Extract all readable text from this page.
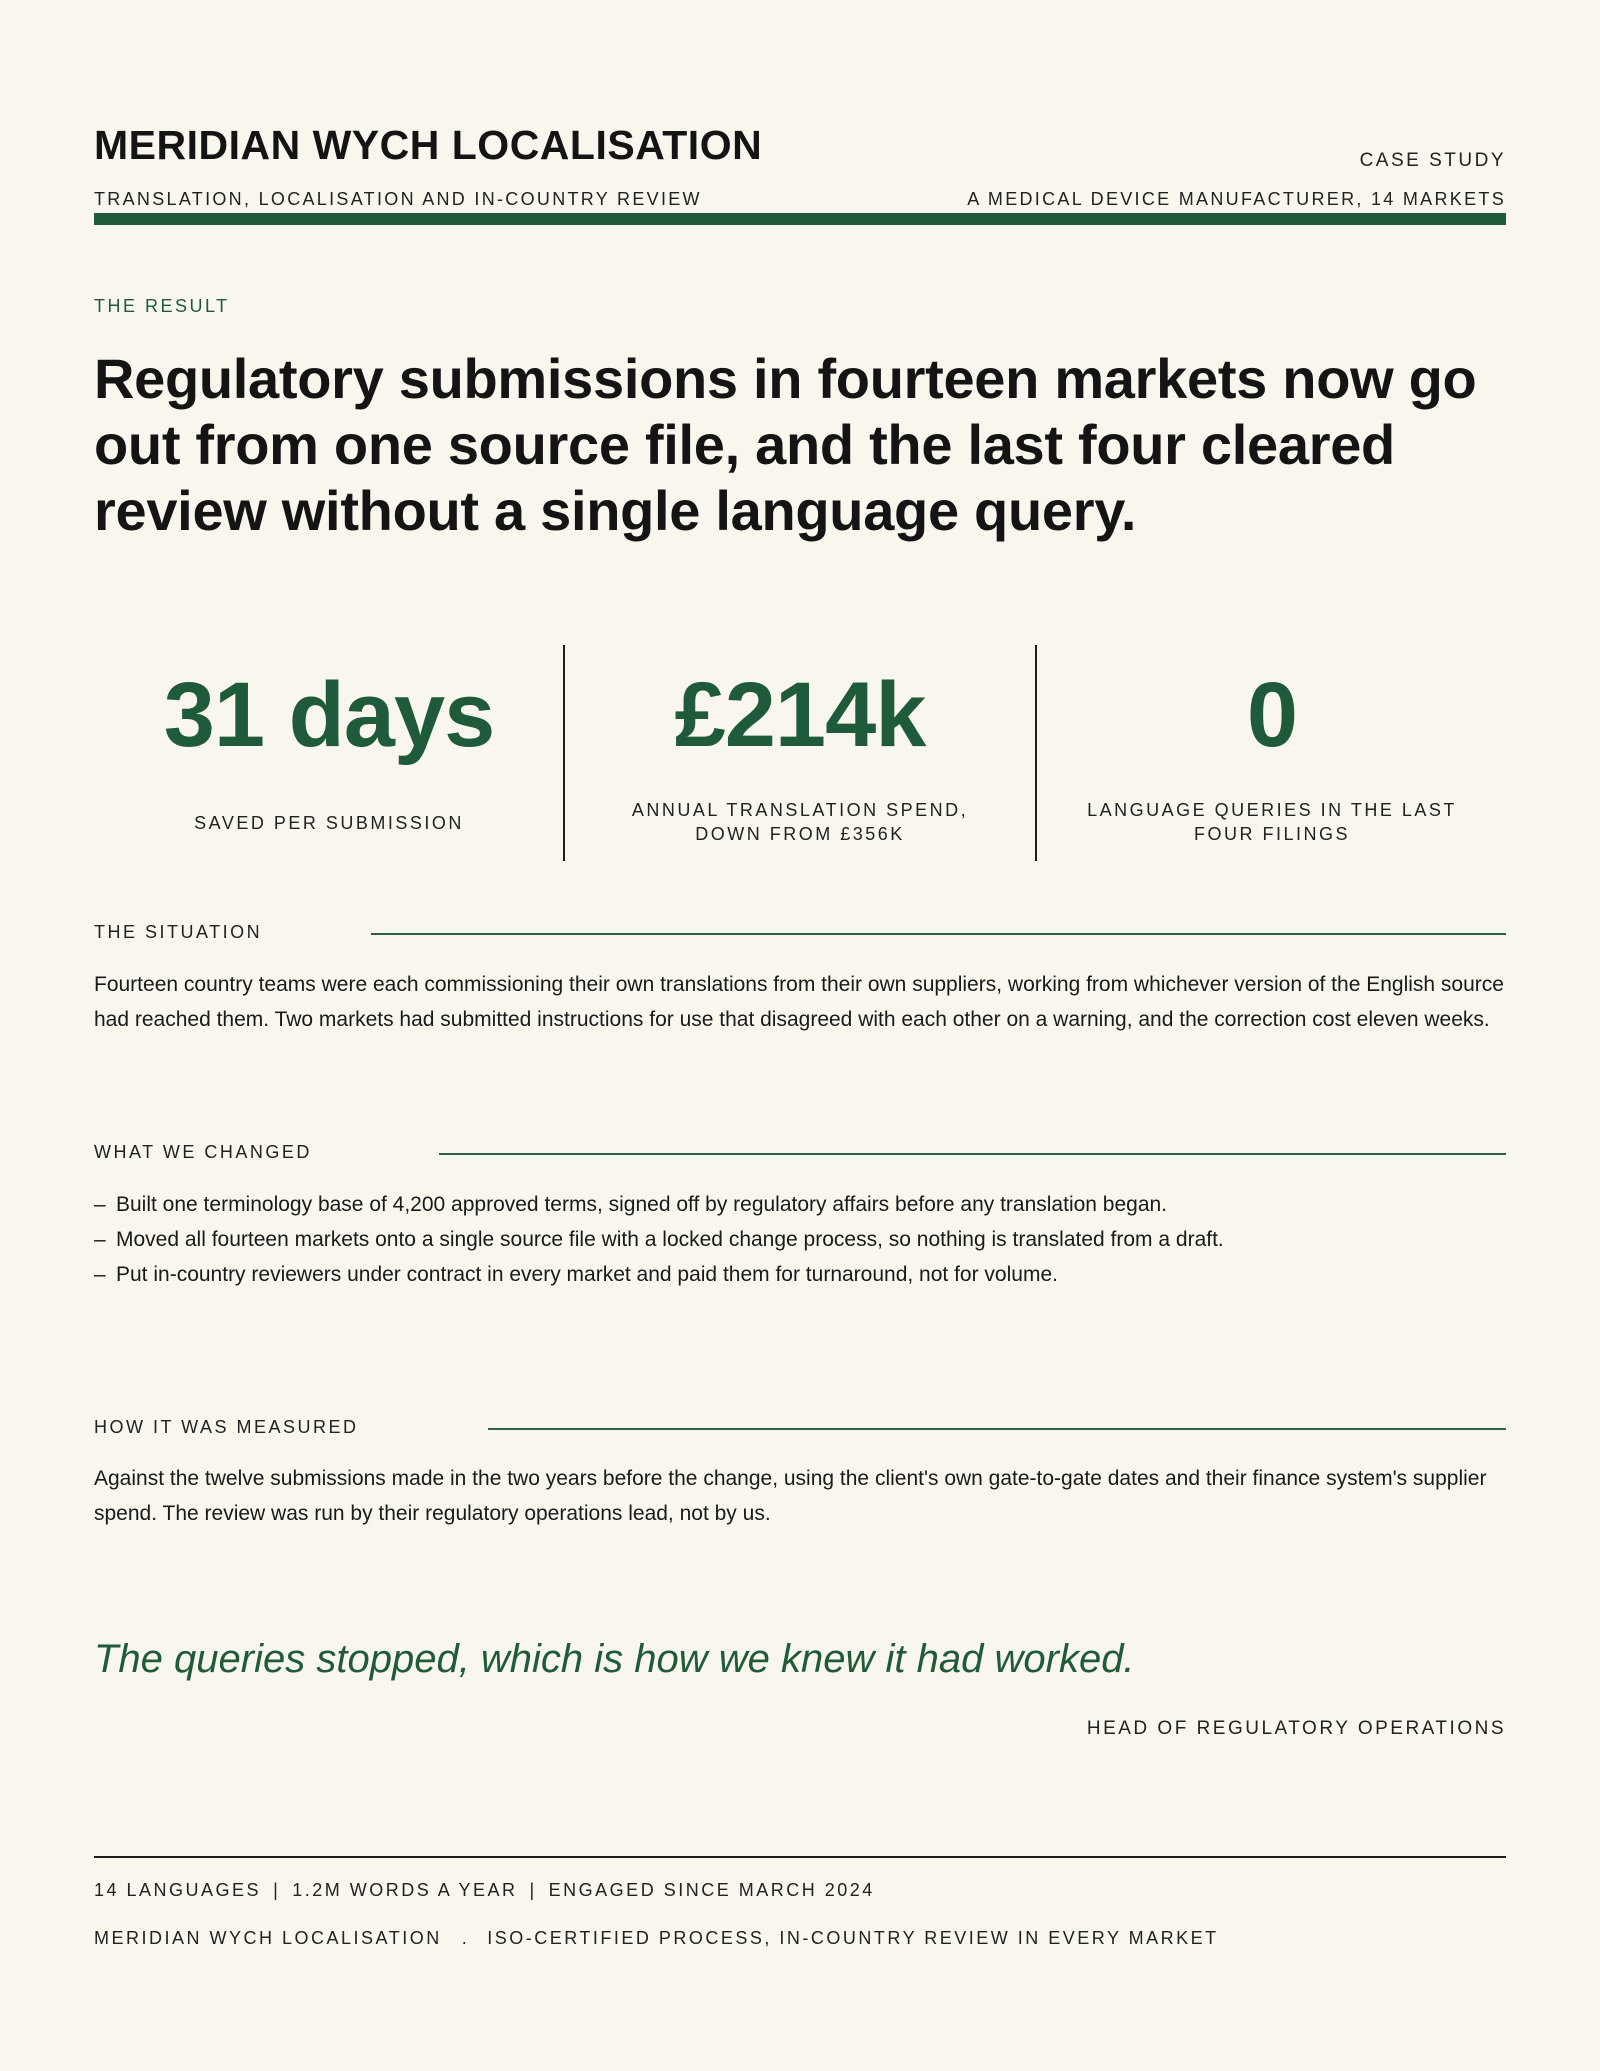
MERIDIAN WYCH LOCALISATION	CASE STUDY
TRANSLATION, LOCALISATION AND IN-COUNTRY REVIEW	A MEDICAL DEVICE MANUFACTURER, 14 MARKETS
THE RESULT
Regulatory submissions in fourteen markets now go out from one source file, and the last four cleared review without a single language query.
31 days
SAVED PER SUBMISSION
£214k
ANNUAL TRANSLATION SPEND, DOWN FROM £356K
0
LANGUAGE QUERIES IN THE LAST FOUR FILINGS
THE SITUATION

Fourteen country teams were each commissioning their own translations from their own suppliers, working from whichever version of the English source had reached them. Two markets had submitted instructions for use that disagreed with each other on a warning, and the correction cost eleven weeks.

WHAT WE CHANGED
– Built one terminology base of 4,200 approved terms, signed off by regulatory affairs before any translation began.
– Moved all fourteen markets onto a single source file with a locked change process, so nothing is translated from a draft.
– Put in-country reviewers under contract in every market and paid them for turnaround, not for volume.
HOW IT WAS MEASURED

Against the twelve submissions made in the two years before the change, using the client's own gate-to-gate dates and their finance system's supplier spend. The review was run by their regulatory operations lead, not by us.

The queries stopped, which is how we knew it had worked.
HEAD OF REGULATORY OPERATIONS
14 LANGUAGES | 1.2M WORDS A YEAR | ENGAGED SINCE MARCH 2024
MERIDIAN WYCH LOCALISATION . ISO-CERTIFIED PROCESS, IN-COUNTRY REVIEW IN EVERY MARKET
